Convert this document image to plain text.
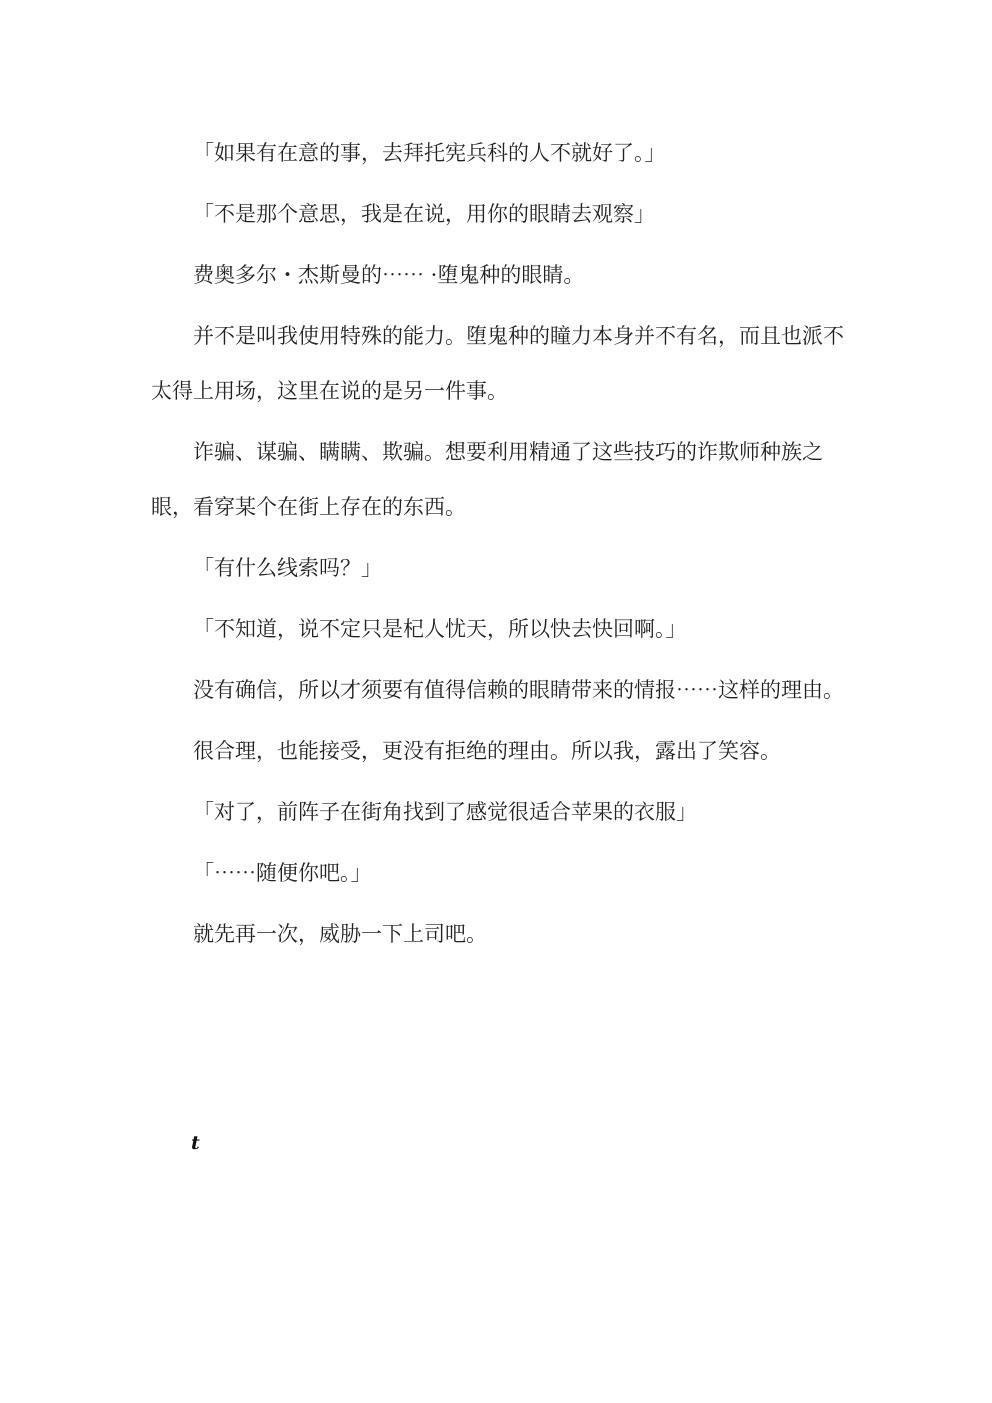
「如果有在意的事，去拜托宪兵科的人不就好了。」

「不是那个意思，我是在说，用你的眼睛去观察」

费奥多尔・杰斯曼的⋯⋯ ·堕鬼种的眼睛。

并不是叫我使用特殊的能力。堕鬼种的瞳力本身并不有名，而且也派不太得上用场，这里在说的是另一件事。

诈骗、谋骗、瞒瞒、欺骗。想要利用精通了这些技巧的诈欺师种族之眼，看穿某个在街上存在的东西。

「有什么线索吗？」

「不知道，说不定只是杞人忧天，所以快去快回啊。」

没有确信，所以才须要有值得信赖的眼睛带来的情报⋯⋯这样的理由。

很合理，也能接受，更没有拒绝的理由。所以我，露出了笑容。

「对了，前阵子在街角找到了感觉很适合苹果的衣服」

「⋯⋯随便你吧。」

就先再一次，威胁一下上司吧。

t
